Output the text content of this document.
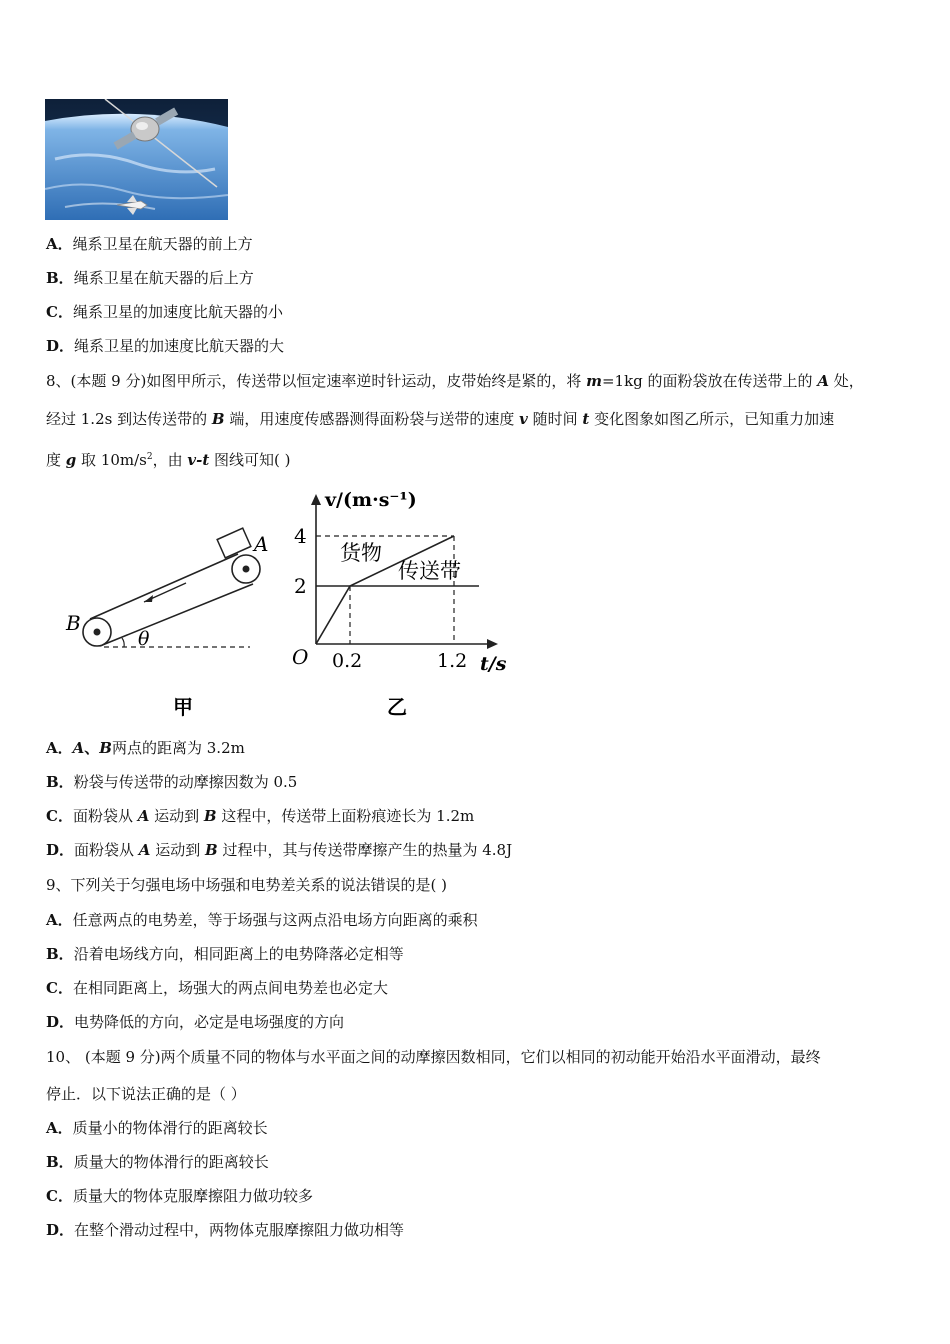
A．绳系卫星在航天器的前上方
B．绳系卫星在航天器的后上方
C．绳系卫星的加速度比航天器的小
D．绳系卫星的加速度比航天器的大
8、(本题 9 分)如图甲所示，传送带以恒定速率逆时针运动，皮带始终是紧的，将 m=1kg 的面粉袋放在传送带上的 A 处，
经过 1.2s 到达传送带的 B 端，用速度传感器测得面粉袋与送带的速度 v 随时间 t 变化图象如图乙所示，已知重力加速
度 g 取 $10m/s^2$，由 v-t 图线可知( )
A
B
θ
甲
v/(m·s⁻¹)
t/s
O
4
2
0.2	1.2
货物
传送带
乙
A．A、B两点的距离为 3.2m
B．粉袋与传送带的动摩擦因数为 0.5
C．面粉袋从 A 运动到 B 这程中，传送带上面粉痕迹长为 1.2m
D．面粉袋从 A 运动到 B 过程中，其与传送带摩擦产生的热量为 4.8J
9、下列关于匀强电场中场强和电势差关系的说法错误的是( )
A．任意两点的电势差，等于场强与这两点沿电场方向距离的乘积
B．沿着电场线方向，相同距离上的电势降落必定相等
C．在相同距离上，场强大的两点间电势差也必定大
D．电势降低的方向，必定是电场强度的方向
10、 (本题 9 分)两个质量不同的物体与水平面之间的动摩擦因数相同，它们以相同的初动能开始沿水平面滑动，最终
停止．以下说法正确的是（ ）
A．质量小的物体滑行的距离较长
B．质量大的物体滑行的距离较长
C．质量大的物体克服摩擦阻力做功较多
D．在整个滑动过程中，两物体克服摩擦阻力做功相等
